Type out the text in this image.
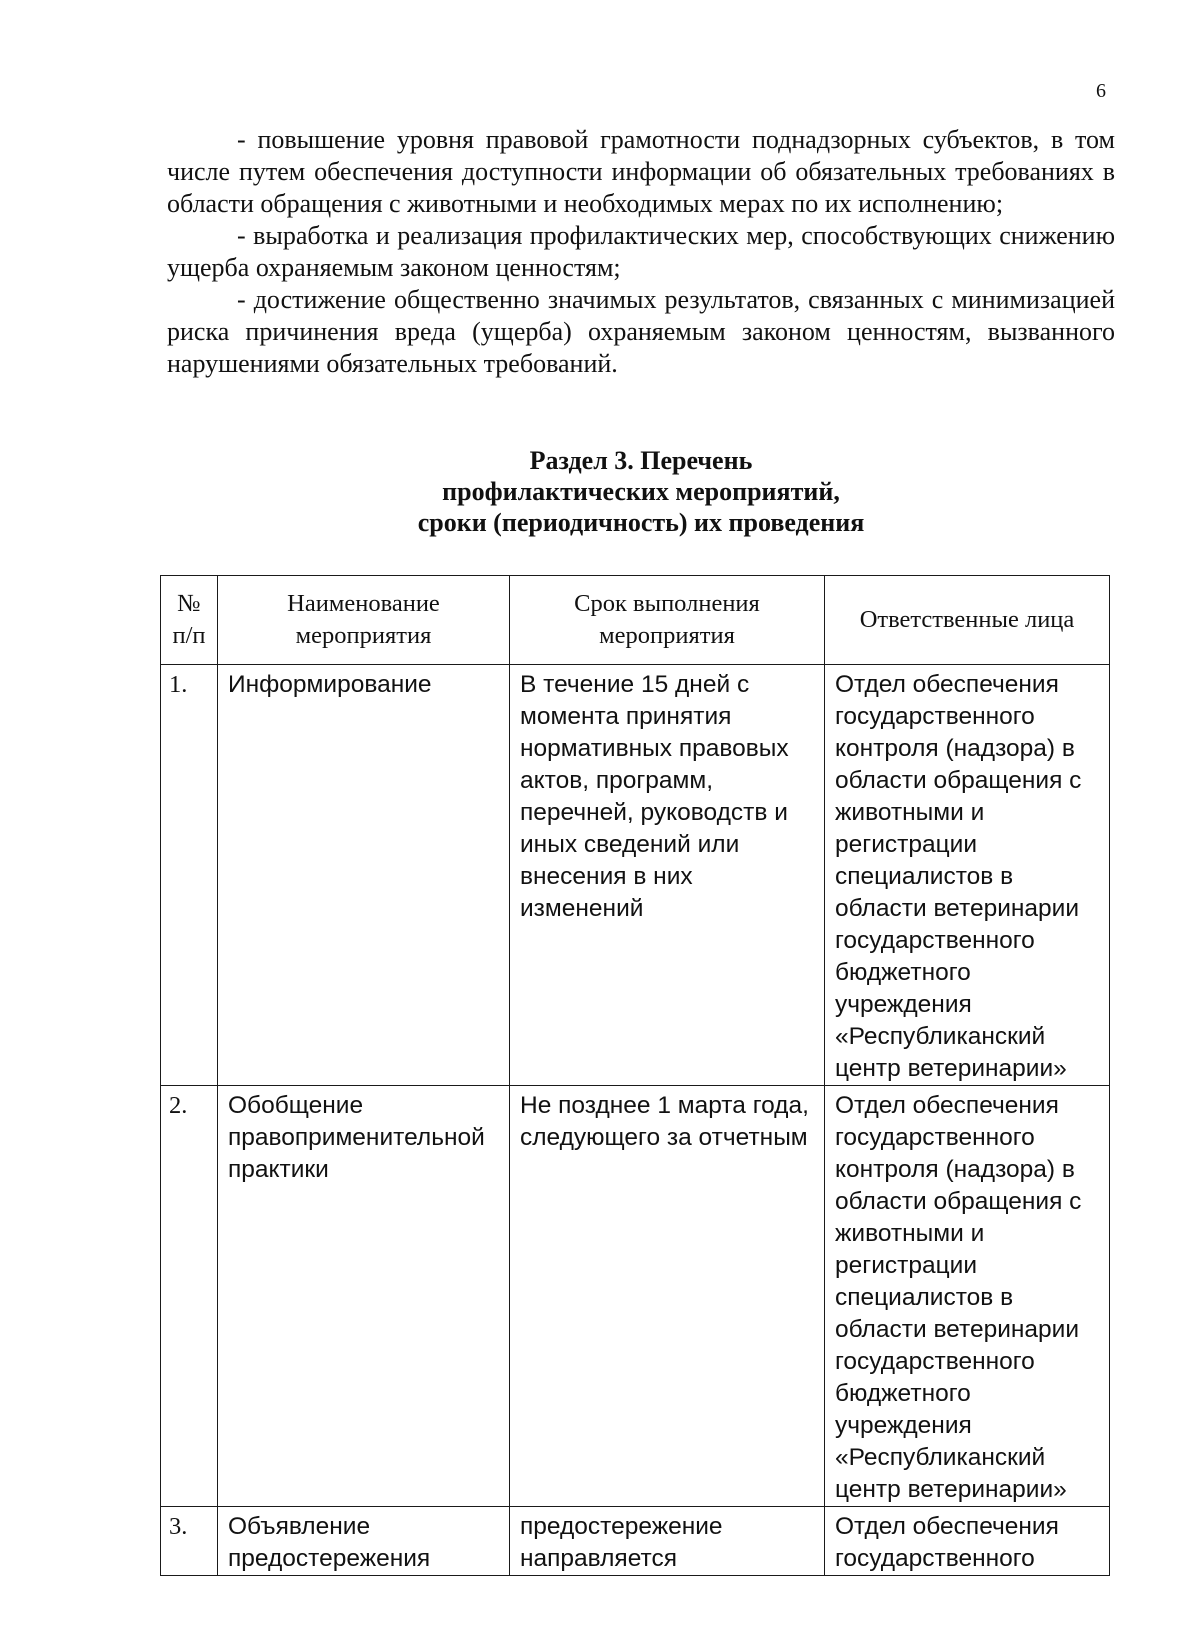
6

- повышение уровня правовой грамотности поднадзорных субъектов, в том числе путем обеспечения доступности информации об обязательных требованиях в области обращения с животными и необходимых мерах по их исполнению;

- выработка и реализация профилактических мер, способствующих снижению ущерба охраняемым законом ценностям;

- достижение общественно значимых результатов, связанных с минимизацией риска причинения вреда (ущерба) охраняемым законом ценностям, вызванного нарушениями обязательных требований.

Раздел 3. Перечень
профилактических мероприятий,
сроки (периодичность) их проведения
№ п/п	Наименование мероприятия	Срок выполнения мероприятия	Ответственные лица
1.	Информирование	В течение 15 дней с момента принятия нормативных правовых актов, программ, перечней, руководств и иных сведений или внесения в них изменений	Отдел обеспечения государственного контроля (надзора) в области обращения с животными и регистрации специалистов в области ветеринарии государственного бюджетного учреждения «Республиканский центр ветеринарии»
2.	Обобщение правоприменительной практики	Не позднее 1 марта года, следующего за отчетным	Отдел обеспечения государственного контроля (надзора) в области обращения с животными и регистрации специалистов в области ветеринарии государственного бюджетного учреждения «Республиканский центр ветеринарии»
3.	Объявление предостережения	предостережение направляется	Отдел обеспечения государственного
